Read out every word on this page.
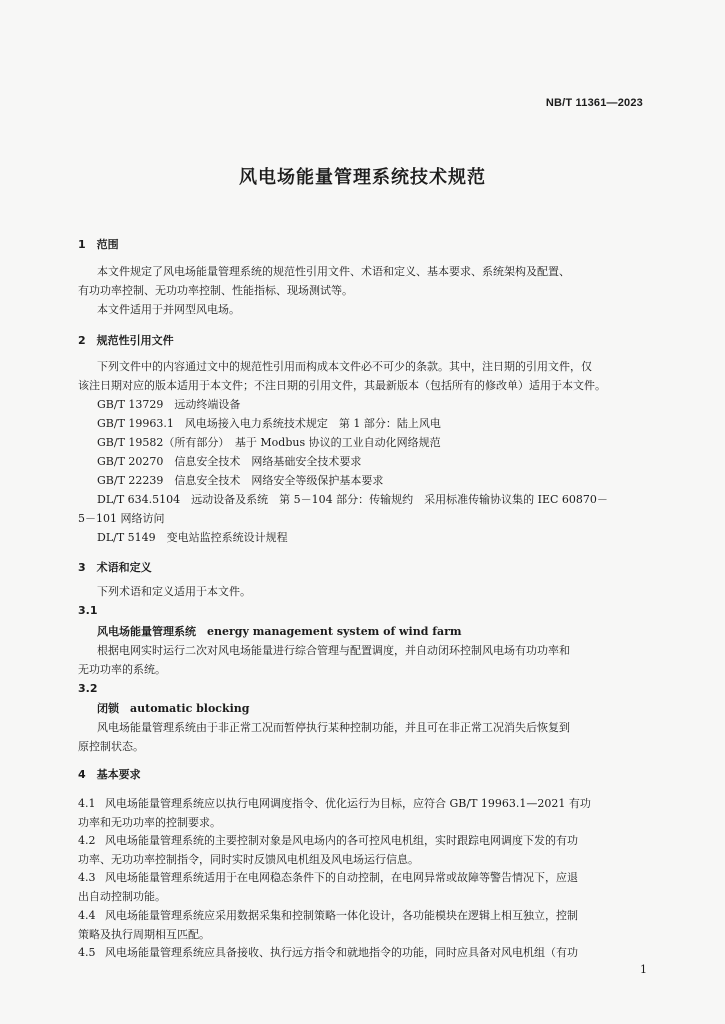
NB/T 11361—2023
风电场能量管理系统技术规范
1　范围
本文件规定了风电场能量管理系统的规范性引用文件、术语和定义、基本要求、系统架构及配置、
有功功率控制、无功功率控制、性能指标、现场测试等。
本文件适用于并网型风电场。
2　规范性引用文件
下列文件中的内容通过文中的规范性引用而构成本文件必不可少的条款。其中，注日期的引用文件，仅
该注日期对应的版本适用于本文件；不注日期的引用文件，其最新版本（包括所有的修改单）适用于本文件。
GB/T 13729　远动终端设备
GB/T 19963.1　风电场接入电力系统技术规定　第 1 部分：陆上风电
GB/T 19582（所有部分）　基于 Modbus 协议的工业自动化网络规范
GB/T 20270　信息安全技术　网络基础安全技术要求
GB/T 22239　信息安全技术　网络安全等级保护基本要求
DL/T 634.5104　远动设备及系统　第 5－104 部分：传输规约　采用标准传输协议集的 IEC 60870－
5－101 网络访问
DL/T 5149　变电站监控系统设计规程
3　术语和定义
下列术语和定义适用于本文件。
3.1
风电场能量管理系统　energy management system of wind farm
根据电网实时运行二次对风电场能量进行综合管理与配置调度，并自动闭环控制风电场有功功率和
无功功率的系统。
3.2
闭锁　automatic blocking
风电场能量管理系统由于非正常工况而暂停执行某种控制功能，并且可在非正常工况消失后恢复到
原控制状态。
4　基本要求
4.1 风电场能量管理系统应以执行电网调度指令、优化运行为目标，应符合 GB/T 19963.1—2021 有功
功率和无功功率的控制要求。
4.2 风电场能量管理系统的主要控制对象是风电场内的各可控风电机组，实时跟踪电网调度下发的有功
功率、无功功率控制指令，同时实时反馈风电机组及风电场运行信息。
4.3 风电场能量管理系统适用于在电网稳态条件下的自动控制，在电网异常或故障等警告情况下，应退
出自动控制功能。
4.4 风电场能量管理系统应采用数据采集和控制策略一体化设计，各功能模块在逻辑上相互独立，控制
策略及执行周期相互匹配。
4.5 风电场能量管理系统应具备接收、执行远方指令和就地指令的功能，同时应具备对风电机组（有功
1
